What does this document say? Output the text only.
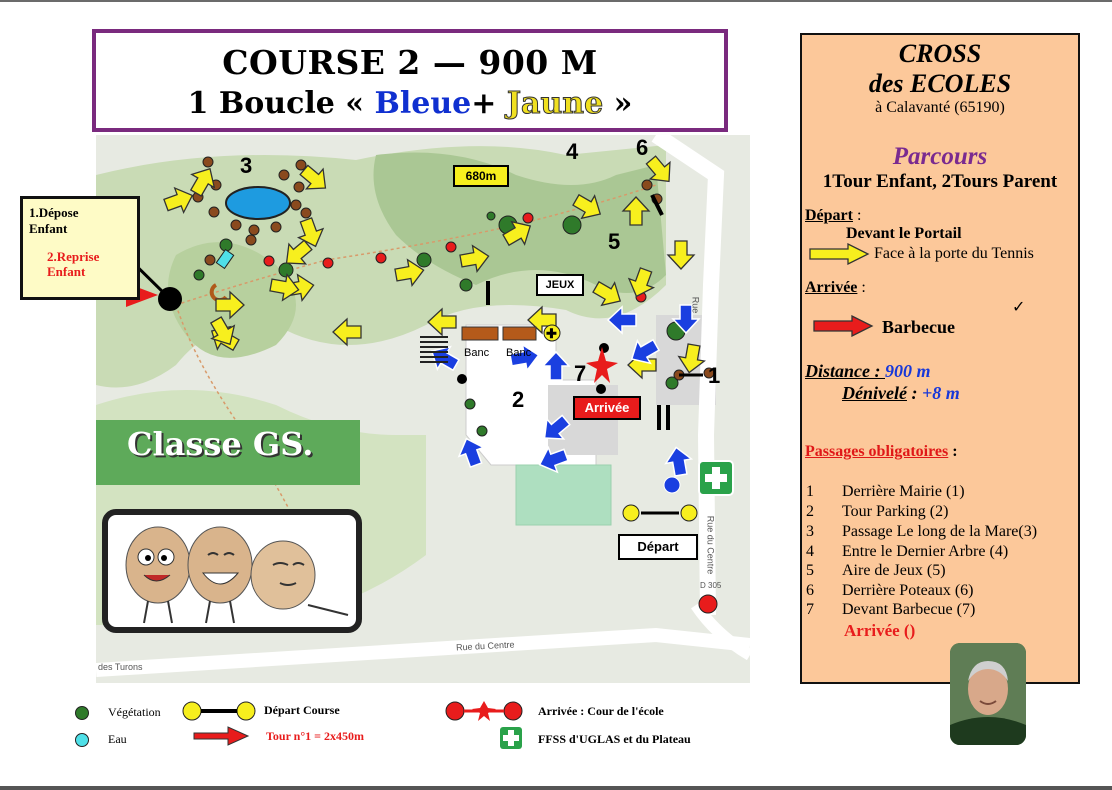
COURSE 2 — 900 M
1 Boucle « Bleue+ Jaune »
✚
3
4	6
5
1
2
7
680m
JEUX
Banc Banc
Arrivée
Départ
Classe GS.
Rue du Centre
des Turons
Rue
Rue du Centre
D 305
1.Dépose Enfant
2.Reprise Enfant
CROSS
des ECOLES
à Calavanté (65190)
Parcours
1Tour Enfant, 2Tours Parent
Départ :
Devant le Portail
Face à la porte du Tennis
Arrivée :
✓
Barbecue
Distance : 900 m
Dénivelé : +8 m
Passages obligatoires :
1 Derrière Mairie (1)
2 Tour Parking (2)
3 Passage Le long de la Mare(3)
4 Entre le Dernier Arbre (4)
5 Aire de Jeux (5)
6 Derrière Poteaux (6)
7 Devant Barbecue (7)
Arrivée ()
Végétation
Eau
Départ Course
Tour n°1 = 2x450m
Arrivée : Cour de l'école
FFSS d'UGLAS et du Plateau
